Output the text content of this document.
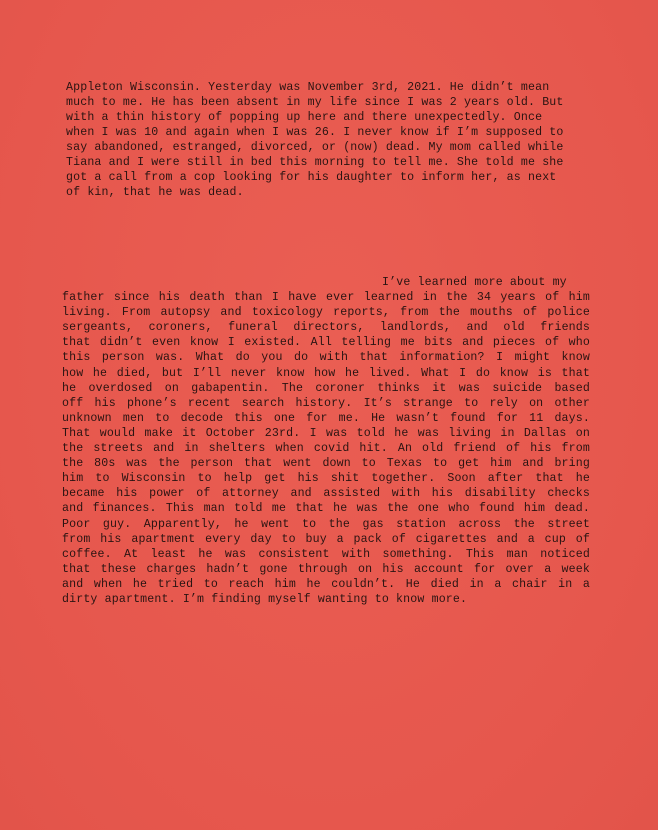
Appleton Wisconsin. Yesterday was November 3rd, 2021. He didn’t mean
much to me. He has been absent in my life since I was 2 years old. But
with a thin history of popping up here and there unexpectedly. Once
when I was 10 and again when I was 26. I never know if I’m supposed to
say abandoned, estranged, divorced, or (now) dead. My mom called while
Tiana and I were still in bed this morning to tell me. She told me she
got a call from a cop looking for his daughter to inform her, as next
of kin, that he was dead.
I’ve learned more about my
father since his death than I have ever learned in the 34 years of him
living. From autopsy and toxicology reports, from the mouths of police
sergeants, coroners, funeral directors, landlords, and old friends
that didn’t even know I existed. All telling me bits and pieces of who
this person was. What do you do with that information? I might know
how he died, but I’ll never know how he lived. What I do know is that
he overdosed on gabapentin. The coroner thinks it was suicide based
off his phone’s recent search history. It’s strange to rely on other
unknown men to decode this one for me. He wasn’t found for 11 days.
That would make it October 23rd. I was told he was living in Dallas on
the streets and in shelters when covid hit. An old friend of his from
the 80s was the person that went down to Texas to get him and bring
him to Wisconsin to help get his shit together. Soon after that he
became his power of attorney and assisted with his disability checks
and finances. This man told me that he was the one who found him dead.
Poor guy. Apparently, he went to the gas station across the street
from his apartment every day to buy a pack of cigarettes and a cup of
coffee. At least he was consistent with something. This man noticed
that these charges hadn’t gone through on his account for over a week
and when he tried to reach him he couldn’t. He died in a chair in a
dirty apartment. I’m finding myself wanting to know more.
